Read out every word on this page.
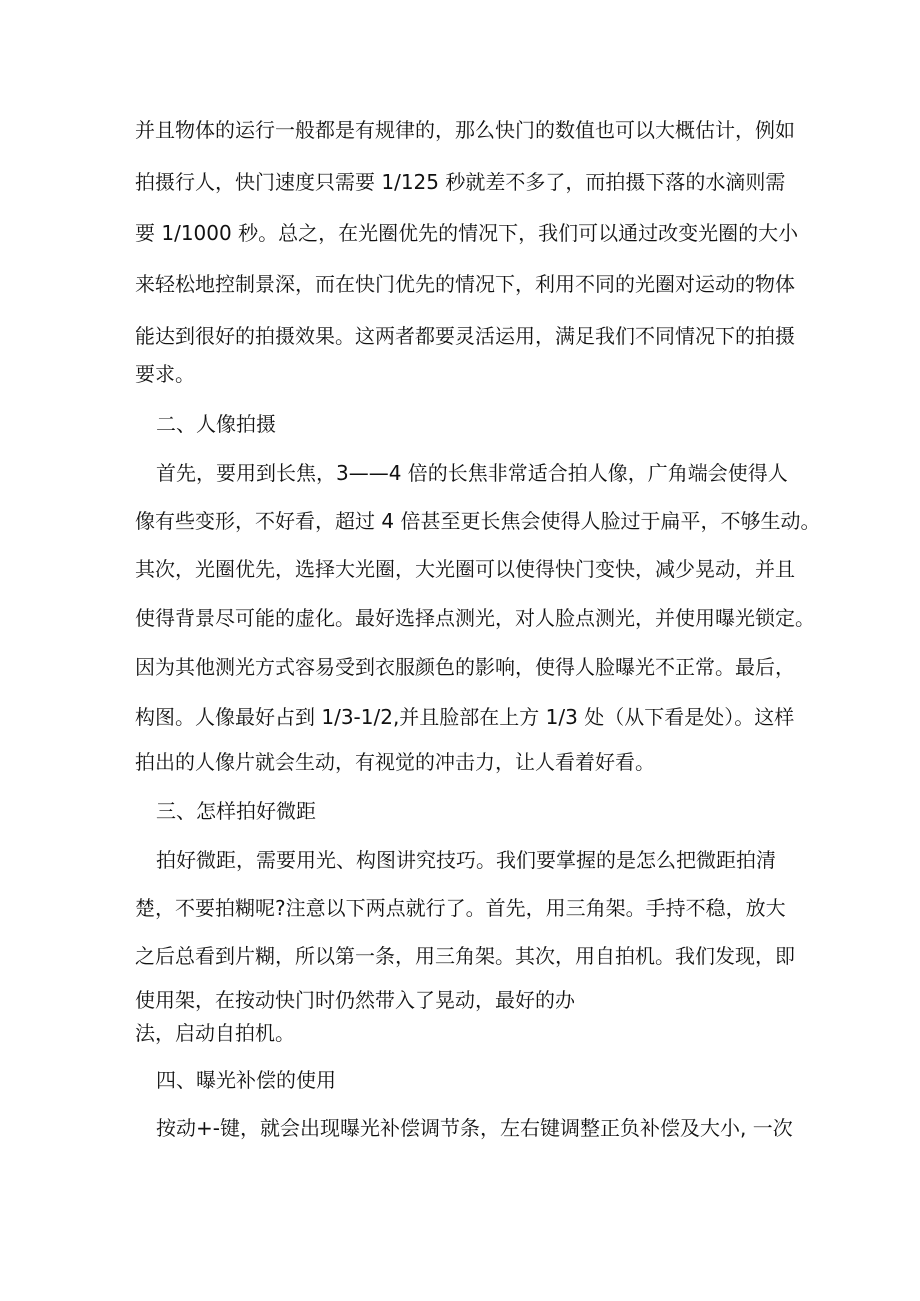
并且物体的运行一般都是有规律的，那么快门的数值也可以大概估计，例如
拍摄行人，快门速度只需要 1/125 秒就差不多了，而拍摄下落的水滴则需
要 1/1000 秒。总之，在光圈优先的情况下，我们可以通过改变光圈的大小
来轻松地控制景深，而在快门优先的情况下，利用不同的光圈对运动的物体
能达到很好的拍摄效果。这两者都要灵活运用，满足我们不同情况下的拍摄
要求。
二、人像拍摄
首先，要用到长焦，3——4 倍的长焦非常适合拍人像，广角端会使得人
像有些变形，不好看，超过 4 倍甚至更长焦会使得人脸过于扁平，不够生动。
其次，光圈优先，选择大光圈，大光圈可以使得快门变快，减少晃动，并且
使得背景尽可能的虚化。最好选择点测光，对人脸点测光，并使用曝光锁定。
因为其他测光方式容易受到衣服颜色的影响，使得人脸曝光不正常。最后，
构图。人像最好占到 1/3-1/2,并且脸部在上方 1/3 处（从下看是处）。这样
拍出的人像片就会生动，有视觉的冲击力，让人看着好看。
三、怎样拍好微距
拍好微距，需要用光、构图讲究技巧。我们要掌握的是怎么把微距拍清
楚，不要拍糊呢?注意以下两点就行了。首先，用三角架。手持不稳，放大
之后总看到片糊，所以第一条，用三角架。其次，用自拍机。我们发现，即
使用架，在按动快门时仍然带入了晃动，最好的办
法，启动自拍机。
四、曝光补偿的使用
按动+-键，就会出现曝光补偿调节条，左右键调整正负补偿及大小, 一次
